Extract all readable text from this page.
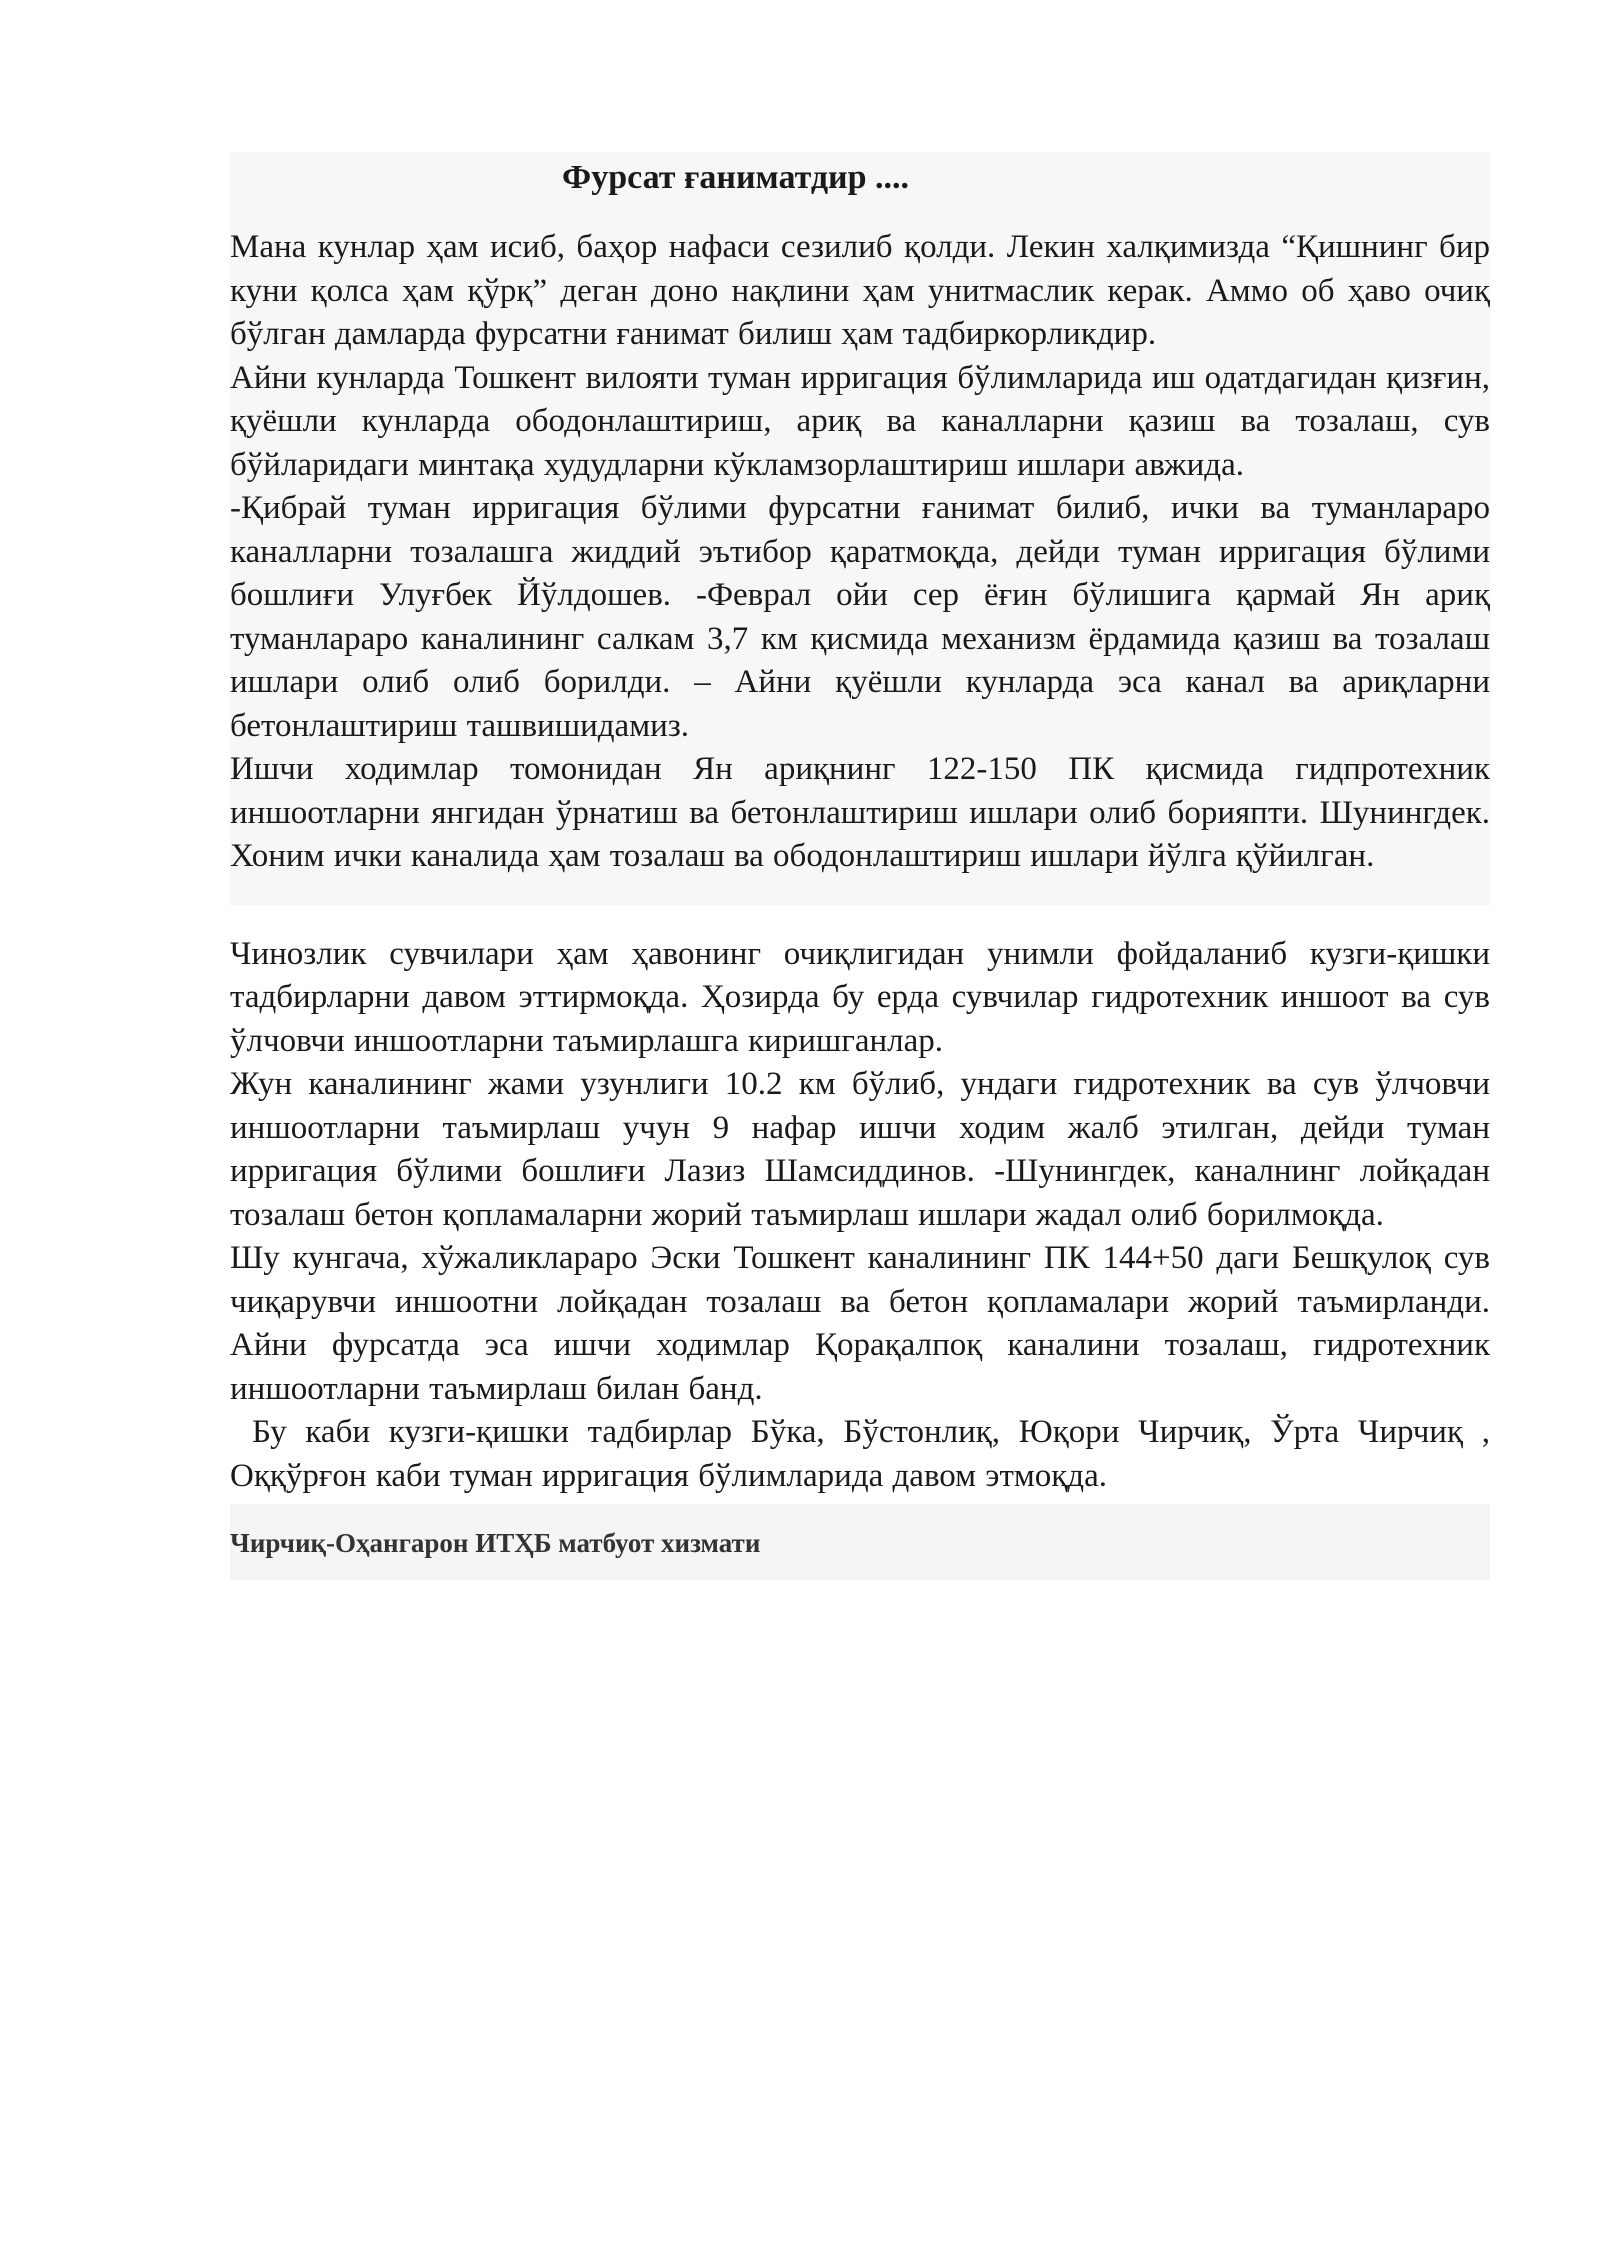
Фурсат ғаниматдир ....

Мана кунлар ҳам исиб, баҳор нафаси сезилиб қолди. Лекин халқимизда “Қишнинг бир куни қолса ҳам қўрқ” деган доно нақлини ҳам унитмаслик керак. Аммо об ҳаво очиқ бўлган дамларда фурсатни ғанимат билиш ҳам тадбиркорликдир.

Айни кунларда Тошкент вилояти туман ирригация бўлимларида иш одатдагидан қизғин, қуёшли кунларда ободонлаштириш, ариқ ва каналларни қазиш ва тозалаш, сув бўйларидаги минтақа худудларни кўкламзорлаштириш ишлари авжида.

-Қибрай туман ирригация бўлими фурсатни ғанимат билиб, ички ва туманлараро каналларни тозалашга жиддий эътибор қаратмоқда, дейди туман ирригация бўлими бошлиғи Улуғбек Йўлдошев. -Феврал ойи сер ёғин бўлишига қармай Ян ариқ туманлараро каналининг салкам 3,7 км қисмида механизм ёрдамида қазиш ва тозалаш ишлари олиб олиб борилди. – Айни қуёшли кунларда эса канал ва ариқларни бетонлаштириш ташвишидамиз.

Ишчи ходимлар томонидан Ян ариқнинг 122-150 ПК қисмида гидпротехник иншоотларни янгидан ўрнатиш ва бетонлаштириш ишлари олиб борияпти. Шунингдек. Хоним ички каналида ҳам тозалаш ва ободонлаштириш ишлари йўлга қўйилган.

Чинозлик сувчилари ҳам ҳавонинг очиқлигидан унимли фойдаланиб кузги-қишки тадбирларни давом эттирмоқда. Ҳозирда бу ерда сувчилар гидротехник иншоот ва сув ўлчовчи иншоотларни таъмирлашга киришганлар.

Жун каналининг жами узунлиги 10.2 км бўлиб, ундаги гидротехник ва сув ўлчовчи иншоотларни таъмирлаш учун 9 нафар ишчи ходим жалб этилган, дейди туман ирригация бўлими бошлиғи Лазиз Шамсиддинов. -Шунингдек, каналнинг лойқадан тозалаш бетон қопламаларни жорий таъмирлаш ишлари жадал олиб борилмоқда.

Шу кунгача, хўжаликлараро Эски Тошкент каналининг ПК 144+50 даги Бешқулоқ сув чиқарувчи иншоотни лойқадан тозалаш ва бетон қопламалари жорий таъмирланди. Айни фурсатда эса ишчи ходимлар Қорақалпоқ каналини тозалаш, гидротехник иншоотларни таъмирлаш билан банд.

Бу каби кузги-қишки тадбирлар Бўка, Бўстонлиқ, Юқори Чирчиқ, Ўрта Чирчиқ , Оққўрғон каби туман ирригация бўлимларида давом этмоқда.

Чирчиқ-Оҳангарон ИТҲБ матбуот хизмати
